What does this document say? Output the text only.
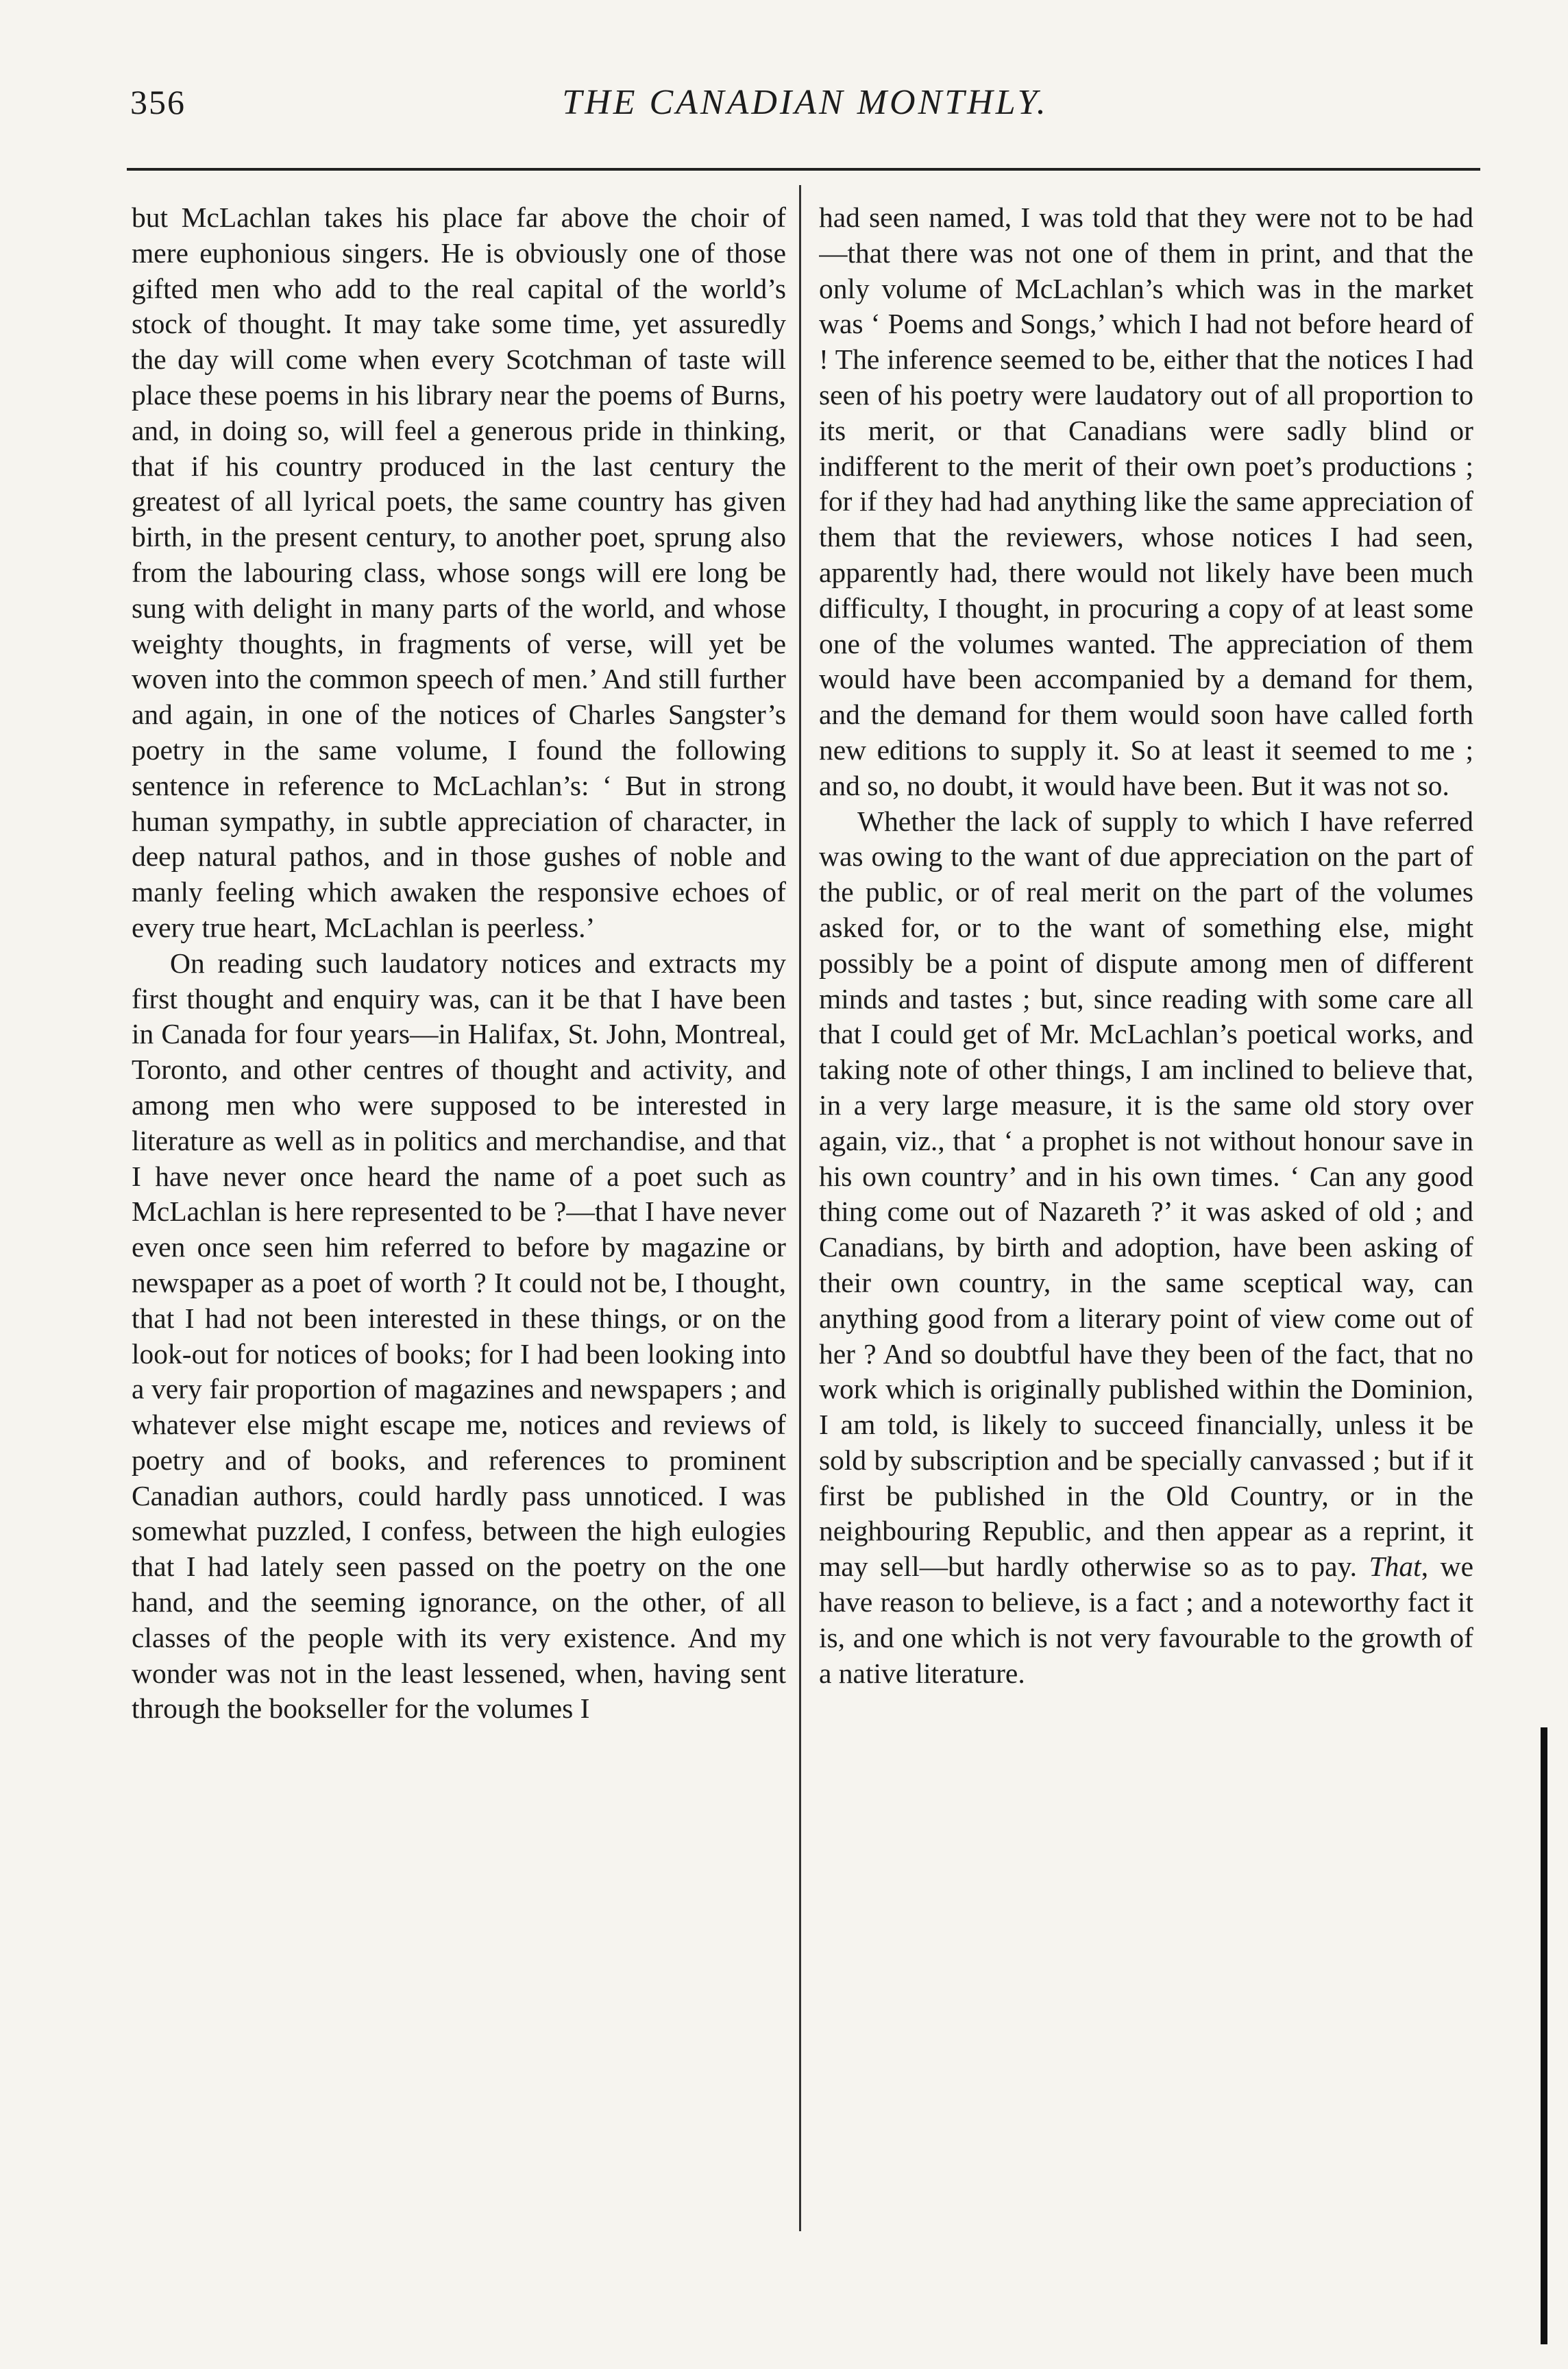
356	THE CANADIAN MONTHLY.

but McLachlan takes his place far above the choir of mere euphonious singers. He is obviously one of those gifted men who add to the real capital of the world’s stock of thought. It may take some time, yet assuredly the day will come when every Scotchman of taste will place these poems in his library near the poems of Burns, and, in doing so, will feel a generous pride in thinking, that if his country produced in the last century the greatest of all lyrical poets, the same country has given birth, in the present century, to another poet, sprung also from the labouring class, whose songs will ere long be sung with delight in many parts of the world, and whose weighty thoughts, in fragments of verse, will yet be woven into the common speech of men.’ And still further and again, in one of the notices of Charles Sangster’s poetry in the same volume, I found the following sentence in reference to McLachlan’s: ‘ But in strong human sympathy, in subtle appreciation of character, in deep natural pathos, and in those gushes of noble and manly feeling which awaken the responsive echoes of every true heart, McLachlan is peerless.’

On reading such laudatory notices and extracts my first thought and enquiry was, can it be that I have been in Canada for four years—in Halifax, St. John, Montreal, Toronto, and other centres of thought and activity, and among men who were supposed to be interested in literature as well as in politics and merchandise, and that I have never once heard the name of a poet such as McLachlan is here represented to be ?—that I have never even once seen him referred to before by magazine or newspaper as a poet of worth ? It could not be, I thought, that I had not been interested in these things, or on the look-out for notices of books; for I had been looking into a very fair proportion of magazines and newspapers ; and whatever else might escape me, notices and reviews of poetry and of books, and references to prominent Canadian authors, could hardly pass unnoticed. I was somewhat puzzled, I confess, between the high eulogies that I had lately seen passed on the poetry on the one hand, and the seeming ignorance, on the other, of all classes of the people with its very existence. And my wonder was not in the least lessened, when, having sent through the bookseller for the volumes I

had seen named, I was told that they were not to be had—that there was not one of them in print, and that the only volume of McLachlan’s which was in the market was ‘ Poems and Songs,’ which I had not before heard of ! The inference seemed to be, either that the notices I had seen of his poetry were laudatory out of all proportion to its merit, or that Canadians were sadly blind or indifferent to the merit of their own poet’s productions ; for if they had had anything like the same appreciation of them that the reviewers, whose notices I had seen, apparently had, there would not likely have been much difficulty, I thought, in procuring a copy of at least some one of the volumes wanted. The appreciation of them would have been accompanied by a demand for them, and the demand for them would soon have called forth new editions to supply it. So at least it seemed to me ; and so, no doubt, it would have been. But it was not so.

Whether the lack of supply to which I have referred was owing to the want of due appreciation on the part of the public, or of real merit on the part of the volumes asked for, or to the want of something else, might possibly be a point of dispute among men of different minds and tastes ; but, since reading with some care all that I could get of Mr. McLachlan’s poetical works, and taking note of other things, I am inclined to believe that, in a very large measure, it is the same old story over again, viz., that ‘ a prophet is not without honour save in his own country’ and in his own times. ‘ Can any good thing come out of Nazareth ?’ it was asked of old ; and Canadians, by birth and adoption, have been asking of their own country, in the same sceptical way, can anything good from a literary point of view come out of her ? And so doubtful have they been of the fact, that no work which is originally published within the Dominion, I am told, is likely to succeed financially, unless it be sold by subscription and be specially canvassed ; but if it first be published in the Old Country, or in the neighbouring Republic, and then appear as a reprint, it may sell—but hardly otherwise so as to pay. That, we have reason to believe, is a fact ; and a noteworthy fact it is, and one which is not very favourable to the growth of a native literature.
